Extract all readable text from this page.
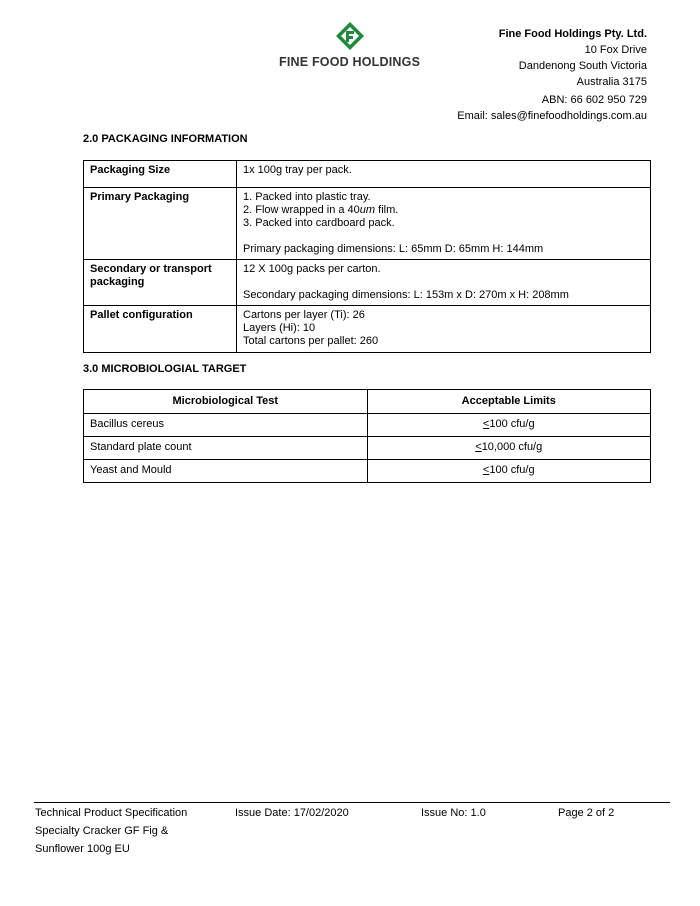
FINE FOOD HOLDINGS
Fine Food Holdings Pty. Ltd.
10 Fox Drive
Dandenong South Victoria
Australia 3175
ABN: 66 602 950 729
Email: sales@finefoodholdings.com.au
2.0 PACKAGING INFORMATION
Packaging Size	1x 100g tray per pack.
Primary Packaging	1. Packed into plastic tray.

2. Flow wrapped in a 40um film.

3. Packed into cardboard pack.

Primary packaging dimensions: L: 65mm D: 65mm H: 144mm

Secondary or transport packaging	12 X 100g packs per carton.

Secondary packaging dimensions: L: 153m x D: 270m x H: 208mm

Pallet configuration	Cartons per layer (Ti): 26

Layers (Hi): 10

Total cartons per pallet: 260

3.0 MICROBIOLOGIAL TARGET
Microbiological Test	Acceptable Limits
Bacillus cereus	<100 cfu/g
Standard plate count	<10,000 cfu/g
Yeast and Mould	<100 cfu/g
Technical Product Specification
Specialty Cracker GF Fig &
Sunflower 100g EU
Issue Date: 17/02/2020	Issue No: 1.0	Page 2 of 2
